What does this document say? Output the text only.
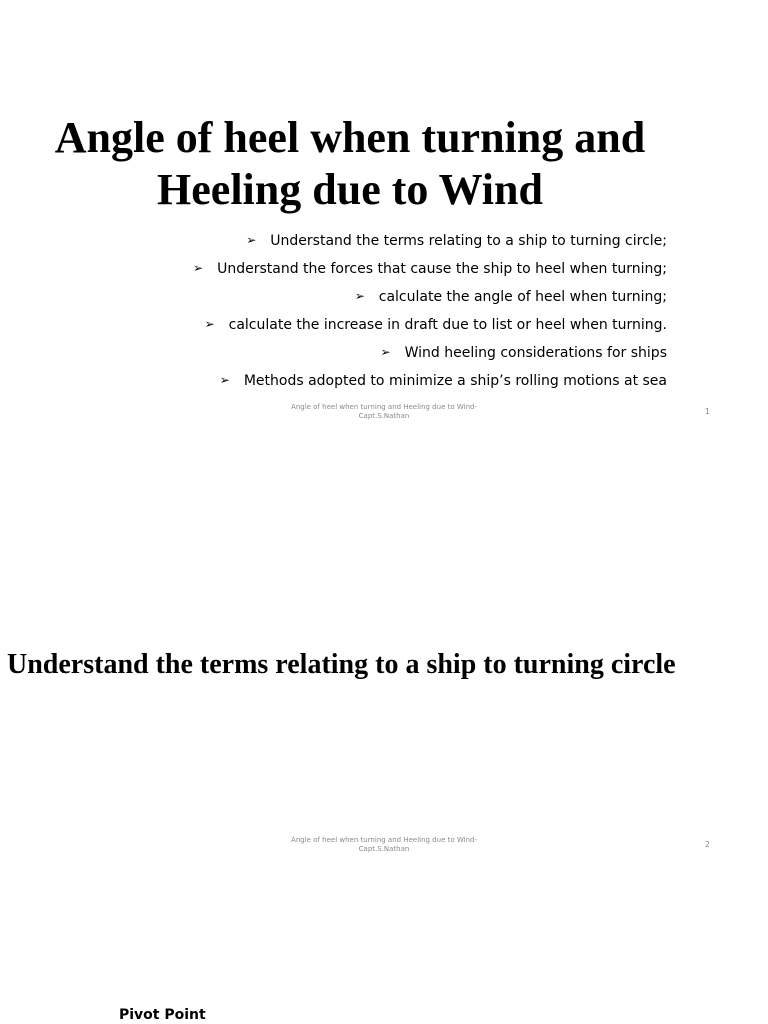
Angle of heel when turning and Heeling due to Wind
➢ Understand the terms relating to a ship to turning circle;
➢ Understand the forces that cause the ship to heel when turning;
➢ calculate the angle of heel when turning;
➢ calculate the increase in draft due to list or heel when turning.
➢ Wind heeling considerations for ships
➢ Methods adopted to minimize a ship’s rolling motions at sea
Angle of heel when turning and Heeling due to Wind-
Capt.S.Nathan	1
Understand the terms relating to a ship to turning circle
Angle of heel when turning and Heeling due to Wind-
Capt.S.Nathan	2
Pivot Point
